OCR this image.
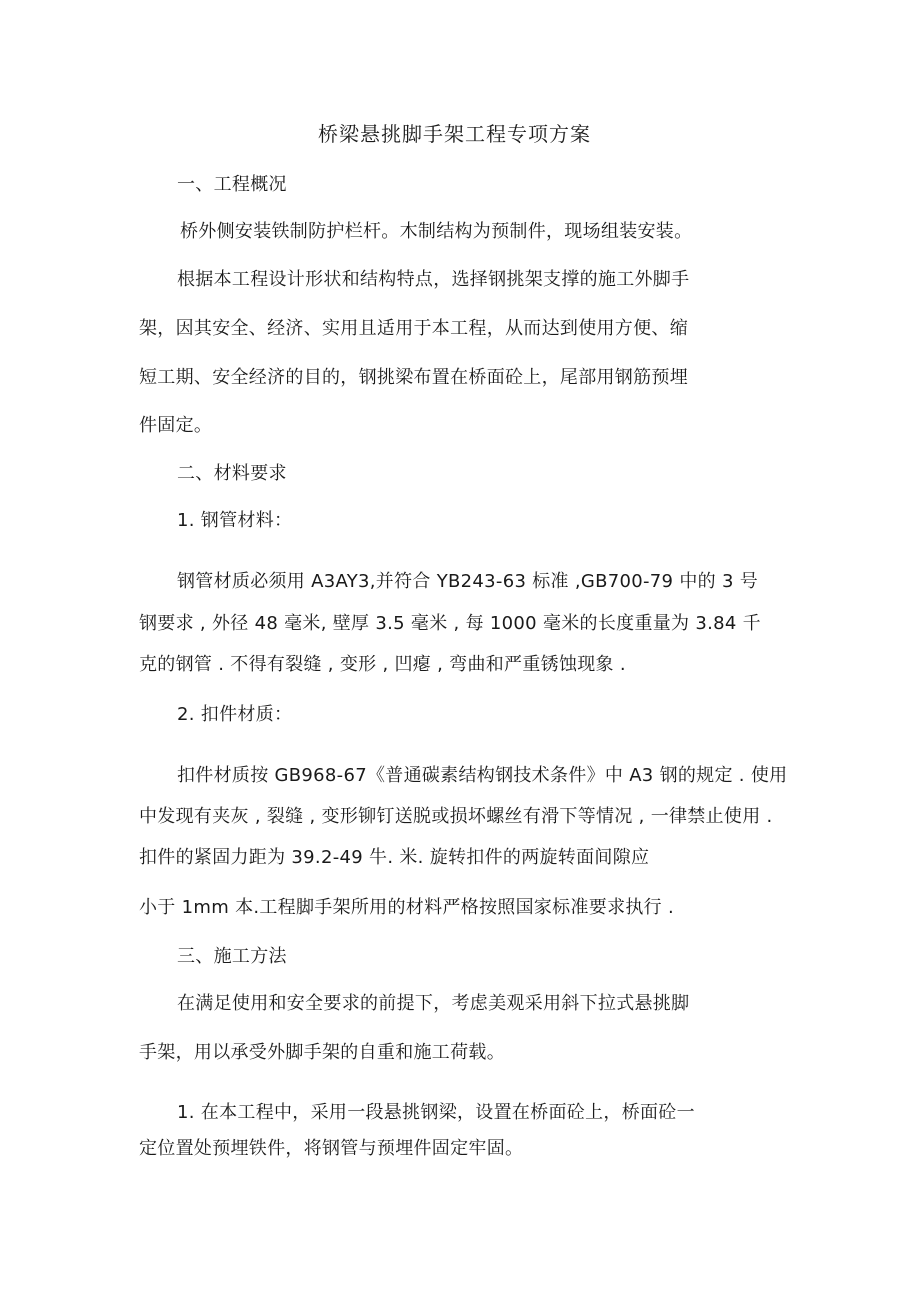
桥梁悬挑脚手架工程专项方案
一、工程概况
桥外侧安装铁制防护栏杆。木制结构为预制件，现场组装安装。
根据本工程设计形状和结构特点，选择钢挑架支撑的施工外脚手
架，因其安全、经济、实用且适用于本工程，从而达到使用方便、缩
短工期、安全经济的目的，钢挑梁布置在桥面砼上，尾部用钢筋预埋
件固定。
二、材料要求
1. 钢管材料：
钢管材质必须用 A3AY3,并符合 YB243-63 标准 ,GB700-79 中的 3 号
钢要求 , 外径 48 毫米, 壁厚 3.5 毫米 , 每 1000 毫米的长度重量为 3.84 千
克的钢管 . 不得有裂缝 , 变形 , 凹瘪 , 弯曲和严重锈蚀现象 .
2. 扣件材质：
扣件材质按 GB968-67《普通碳素结构钢技术条件》中 A3 钢的规定 . 使用
中发现有夹灰 , 裂缝 , 变形铆钉送脱或损坏螺丝有滑下等情况 , 一律禁止使用 .
扣件的紧固力距为 39.2-49 牛. 米. 旋转扣件的两旋转面间隙应
小于 1mm 本.工程脚手架所用的材料严格按照国家标准要求执行 .
三、施工方法
在满足使用和安全要求的前提下，考虑美观采用斜下拉式悬挑脚
手架，用以承受外脚手架的自重和施工荷载。
1. 在本工程中，采用一段悬挑钢梁，设置在桥面砼上，桥面砼一
定位置处预埋铁件，将钢管与预埋件固定牢固。
